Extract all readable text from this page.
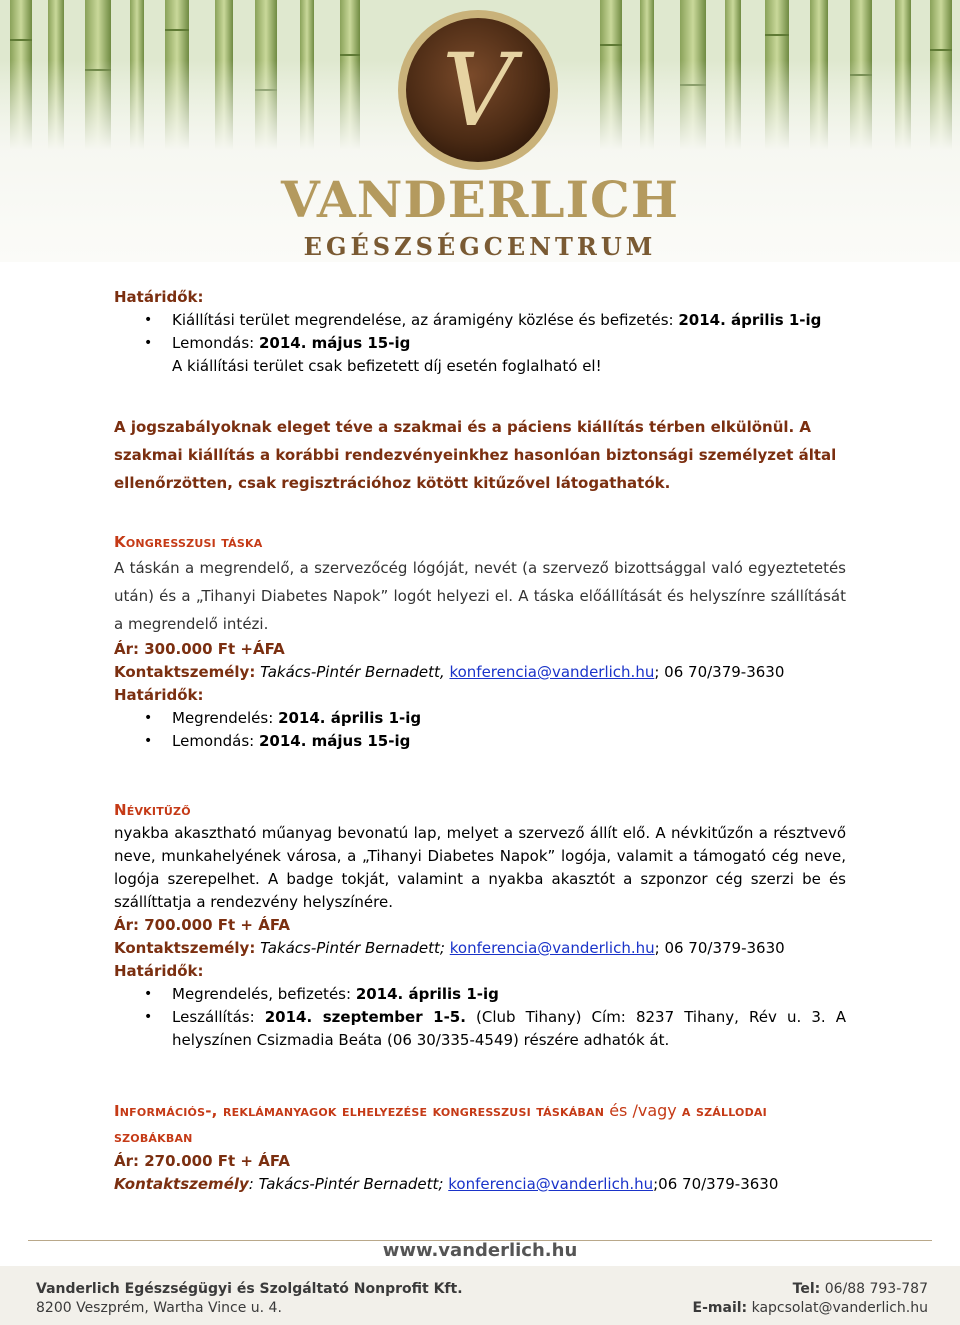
V
VANDERLICH
EGÉSZSÉGCENTRUM
Határidők:
• Kiállítási terület megrendelése, az áramigény közlése és befizetés: 2014. április 1-ig
• Lemondás: 2014. május 15-ig
A kiállítási terület csak befizetett díj esetén foglalható el!

A jogszabályoknak eleget téve a szakmai és a páciens kiállítás térben elkülönül. A szakmai kiállítás a korábbi rendezvényeinkhez hasonlóan biztonsági személyzet által ellenőrzötten, csak regisztrációhoz kötött kitűzővel látogathatók.

Kongresszusi táska

A táskán a megrendelő, a szervezőcég lógóját, nevét (a szervező bizottsággal való egyeztetetés után) és a „Tihanyi Diabetes Napok” logót helyezi el. A táska előállítását és helyszínre szállítását a megrendelő intézi.

Ár: 300.000 Ft +ÁFA
Kontaktszemély: Takács-Pintér Bernadett, konferencia@vanderlich.hu; 06 70/379-3630
Határidők:
• Megrendelés: 2014. április 1-ig
• Lemondás: 2014. május 15-ig
Névkitűző

nyakba akasztható műanyag bevonatú lap, melyet a szervező állít elő. A névkitűzőn a résztvevő neve, munkahelyének városa, a „Tihanyi Diabetes Napok” logója, valamit a támogató cég neve, logója szerepelhet. A badge tokját, valamint a nyakba akasztót a szponzor cég szerzi be és szállíttatja a rendezvény helyszínére.

Ár: 700.000 Ft + ÁFA
Kontaktszemély: Takács-Pintér Bernadett; konferencia@vanderlich.hu; 06 70/379-3630
Határidők:
• Megrendelés, befizetés: 2014. április 1-ig
• Leszállítás: 2014. szeptember 1-5. (Club Tihany) Cím: 8237 Tihany, Rév u. 3. A helyszínen Csizmadia Beáta (06 30/335-4549) részére adhatók át.
Információs-, reklámanyagok elhelyezése kongresszusi táskában és /vagy a szállodai szobákban
Ár: 270.000 Ft + ÁFA
Kontaktszemély: Takács-Pintér Bernadett; konferencia@vanderlich.hu;06 70/379-3630
www.vanderlich.hu
Vanderlich Egészségügyi és Szolgáltató Nonprofit Kft.
8200 Veszprém, Wartha Vince u. 4.
Tel: 06/88 793-787
E-mail: kapcsolat@vanderlich.hu
